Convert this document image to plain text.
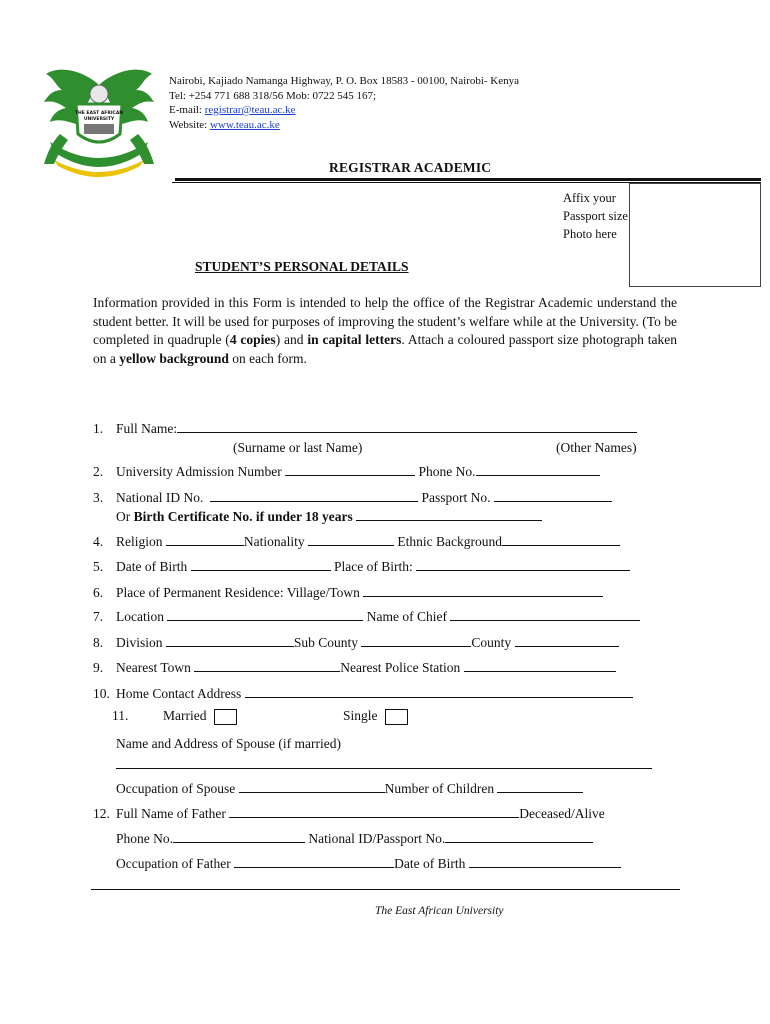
THE EAST AFRICAN
UNIVERSITY
Nairobi, Kajiado Namanga Highway, P. O. Box 18583 - 00100, Nairobi- Kenya
Tel: +254 771 688 318/56 Mob: 0722 545 167;
E-mail: registrar@teau.ac.ke
Website: www.teau.ac.ke
REGISTRAR ACADEMIC
Affix your
Passport size
Photo here
STUDENT’S PERSONAL DETAILS
Information provided in this Form is intended to help the office of the Registrar Academic understand the student better. It will be used for purposes of improving the student’s welfare while at the University. (To be completed in quadruple (4 copies) and in capital letters. Attach a coloured passport size photograph taken on a yellow background on each form.
1. Full Name:
(Surname or last Name)	(Other Names)
2. University Admission Number	Phone No.
3. National ID No.	Passport No.
Or Birth Certificate No. if under 18 years
4. Religion	Nationality	Ethnic Background
5. Date of Birth	Place of Birth:
6. Place of Permanent Residence: Village/Town
7. Location	Name of Chief
8. Division	Sub County	County
9. Nearest Town	Nearest Police Station
10. Home Contact Address
11.	Married	Single
Name and Address of Spouse (if married)
Occupation of Spouse	Number of Children
12. Full Name of Father	Deceased/Alive
Phone No.	National ID/Passport No.
Occupation of Father	Date of Birth
The East African University
